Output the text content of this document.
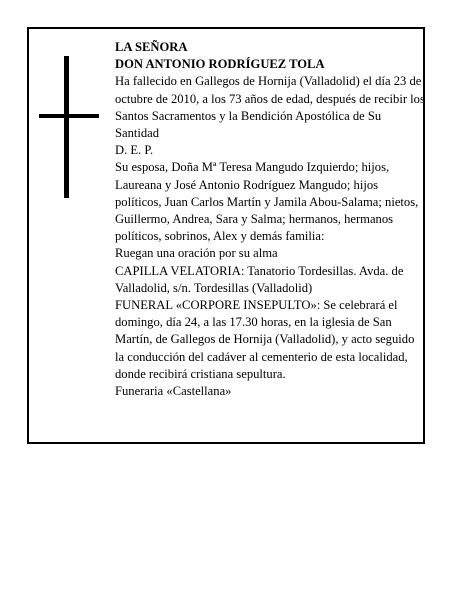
LA SEÑORA

DON ANTONIO RODRÍGUEZ TOLA

Ha fallecido en Gallegos de Hornija (Valladolid) el día 23 de octubre de 2010, a los 73 años de edad, después de recibir los Santos Sacramentos y la Bendición Apostólica de Su Santidad

D. E. P.

Su esposa, Doña Mª Teresa Mangudo Izquierdo; hijos, Laureana y José Antonio Rodríguez Mangudo; hijos políticos, Juan Carlos Martín y Jamila Abou-Salama; nietos, Guillermo, Andrea, Sara y Salma; hermanos, hermanos políticos, sobrinos, Alex y demás familia:

Ruegan una oración por su alma

CAPILLA VELATORIA: Tanatorio Tordesillas. Avda. de Valladolid, s/n. Tordesillas (Valladolid)

FUNERAL «CORPORE INSEPULTO»: Se celebrará el domingo, día 24, a las 17.30 horas, en la iglesia de San Martín, de Gallegos de Hornija (Valladolid), y acto seguido la conducción del cadáver al cementerio de esta localidad, donde recibirá cristiana sepultura.

Funeraria «Castellana»
